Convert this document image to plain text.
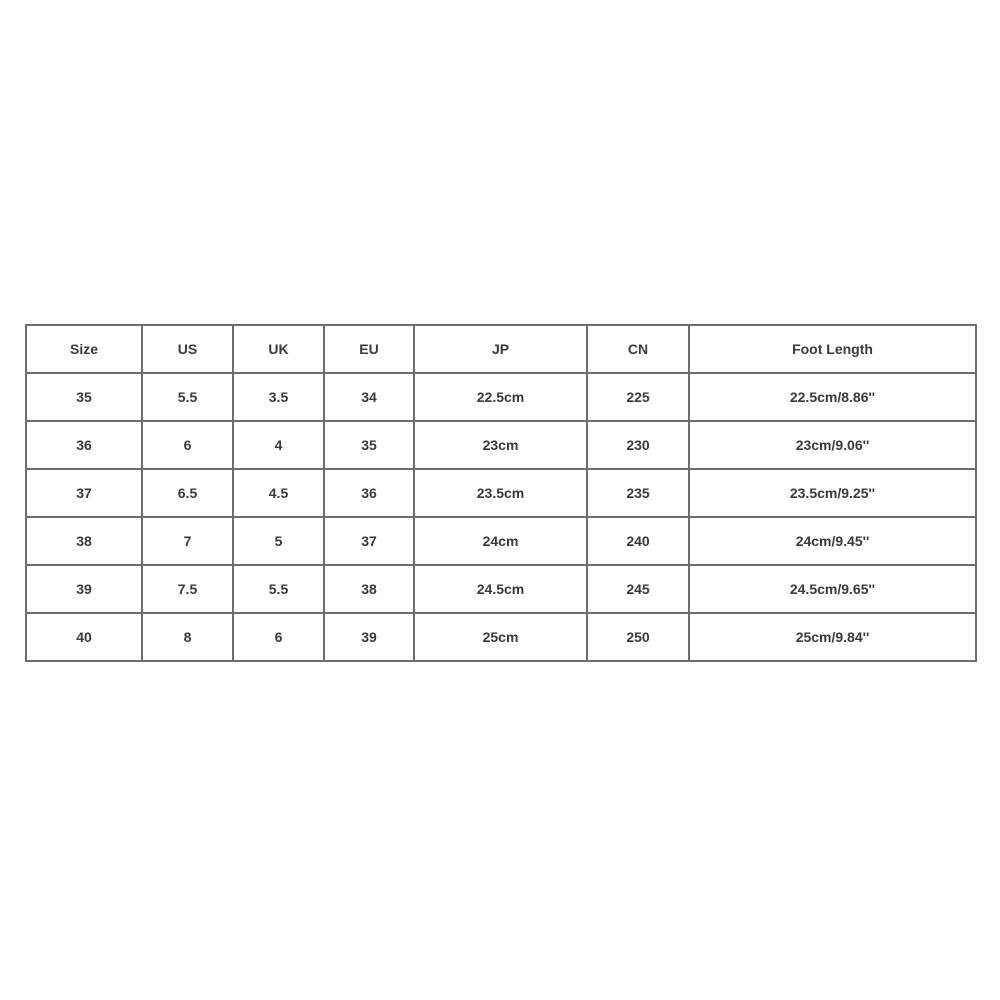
Size	US	UK	EU	JP	CN	Foot Length
35	5.5	3.5	34	22.5cm	225	22.5cm/8.86''
36	6	4	35	23cm	230	23cm/9.06''
37	6.5	4.5	36	23.5cm	235	23.5cm/9.25''
38	7	5	37	24cm	240	24cm/9.45''
39	7.5	5.5	38	24.5cm	245	24.5cm/9.65''
40	8	6	39	25cm	250	25cm/9.84''
